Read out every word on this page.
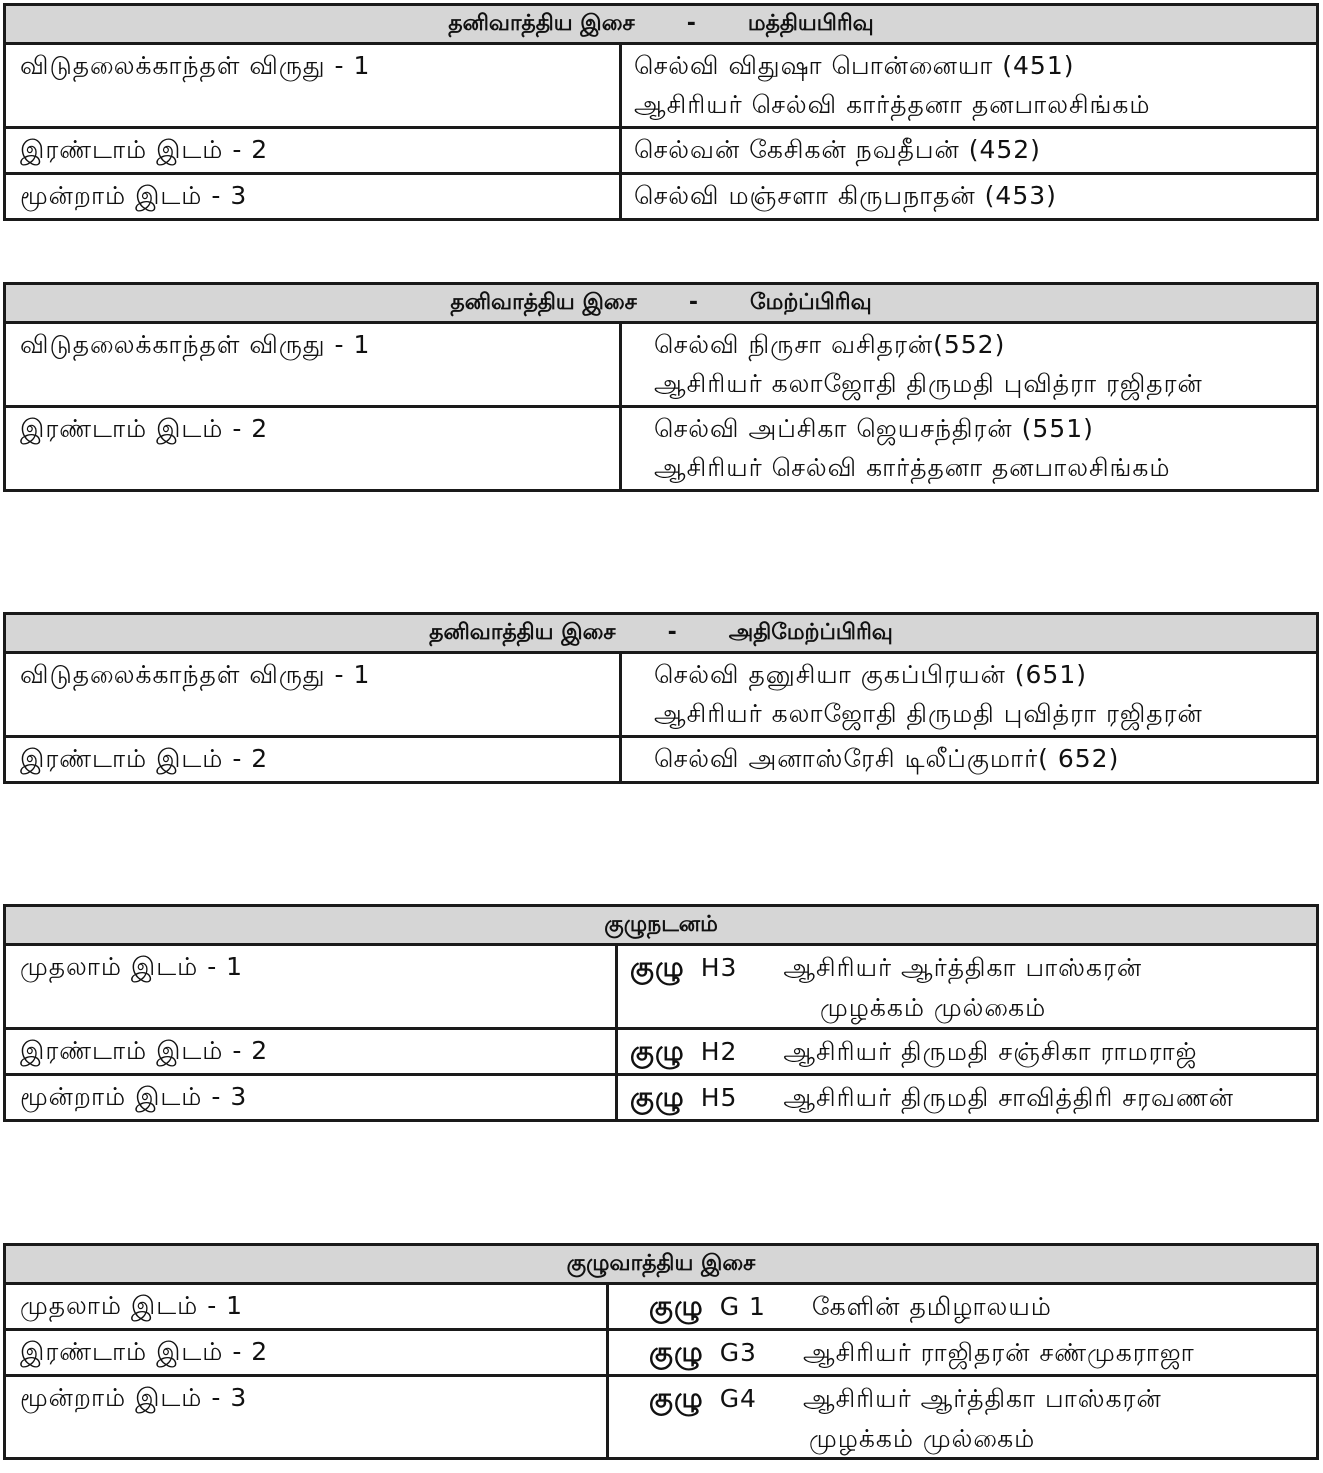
தனிவாத்திய இசை - மத்தியபிரிவு	
விடுதலைக்காந்தள் விருது - 1	செல்வி விதுஷா பொன்னையா (451)
ஆசிரியர் செல்வி கார்த்தனா தனபாலசிங்கம்

இரண்டாம் இடம் - 2	செல்வன் கேசிகன் நவதீபன் (452)

மூன்றாம் இடம் - 3	செல்வி மஞ்சளா கிருபநாதன் (453)
தனிவாத்திய இசை - மேற்ப்பிரிவு	
விடுதலைக்காந்தள் விருது - 1	செல்வி நிருசா வசிதரன்(552)
ஆசிரியர் கலாஜோதி திருமதி புவித்ரா ரஜிதரன்

இரண்டாம் இடம் - 2	செல்வி அப்சிகா ஜெயசந்திரன் (551)
ஆசிரியர் செல்வி கார்த்தனா தனபாலசிங்கம்
தனிவாத்திய இசை - அதிமேற்ப்பிரிவு	
விடுதலைக்காந்தள் விருது - 1	செல்வி தனுசியா குகப்பிரயன் (651)
ஆசிரியர் கலாஜோதி திருமதி புவித்ரா ரஜிதரன்

இரண்டாம் இடம் - 2	செல்வி அனாஸ்ரேசி டிலீப்குமார்( 652)
குழுநடனம்	
முதலாம் இடம் - 1	குழு H3 ஆசிரியர் ஆர்த்திகா பாஸ்கரன்
முழக்கம் முல்கைம்

இரண்டாம் இடம் - 2	குழு H2 ஆசிரியர் திருமதி சஞ்சிகா ராமராஜ்

மூன்றாம் இடம் - 3	குழு H5 ஆசிரியர் திருமதி சாவித்திரி சரவணன்
குழுவாத்திய இசை	
முதலாம் இடம் - 1	குழு G 1 கேளின் தமிழாலயம்

இரண்டாம் இடம் - 2	குழு G3 ஆசிரியர் ராஜிதரன் சண்முகராஜா

மூன்றாம் இடம் - 3	குழு G4 ஆசிரியர் ஆர்த்திகா பாஸ்கரன்
முழக்கம் முல்கைம்
